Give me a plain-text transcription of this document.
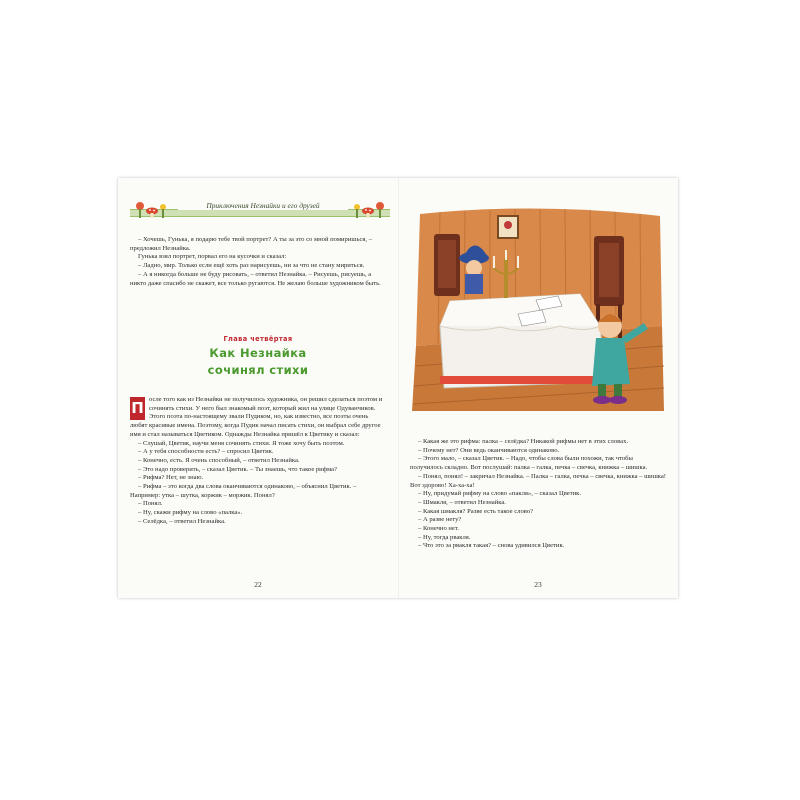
Приключения Незнайки и его друзей

– Хочешь, Гунька, я подарю тебе твой портрет? А ты за это со мной помиришься, – предложил Незнайка.

Гунька взял портрет, порвал его на кусочки и сказал:

– Ладно, мир. Только если ещё хоть раз нарисуешь, ни за что не стану мириться.

– А я никогда больше не буду рисовать, – ответил Незнайка. – Рисуешь, рисуешь, а никто даже спасибо не скажет, все только ругаются. Не желаю больше художником быть.

Глава четвёртая
Как Незнайка
сочинял стихи

П осле того как из Незнайки не получилось художника, он решил сделаться поэтом и сочинять стихи. У него был знакомый поэт, который жил на улице Одуванчиков. Этого поэта по-настоящему звали Пудиком, но, как известно, все поэты очень любят красивые имена. Поэтому, когда Пудик начал писать стихи, он выбрал себе другое имя и стал называться Цветиком. Однажды Незнайка пришёл к Цветику и сказал:

– Слушай, Цветик, научи меня сочинять стихи. Я тоже хочу быть поэтом.

– А у тебя способности есть? – спросил Цветик.

– Конечно, есть. Я очень способный, – ответил Незнайка.

– Это надо проверить, – сказал Цветик. – Ты знаешь, что такое рифма?

– Рифма? Нет, не знаю.

– Рифма – это когда два слова оканчиваются одинаково, – объяснил Цветик. – Например: утка – шутка, коржик – моржик. Понял?

– Понял.

– Ну, скажи рифму на слово «палка».

– Селёдка, – ответил Незнайка.

22

– Какая же это рифма: палка – селёдка? Никакой рифмы нет в этих словах.

– Почему нет? Они ведь оканчиваются одинаково.

– Этого мало, – сказал Цветик. – Надо, чтобы слова были похожи, так чтобы получилось складно. Вот послушай: палка – галка, печка – свечка, книжка – шишка.

– Понял, понял! – закричал Незнайка. – Палка – галка, печка – свечка, книжка – шишка! Вот здорово! Ха-ха-ха!

– Ну, придумай рифму на слово «пакля», – сказал Цветик.

– Шмакля, – ответил Незнайка.

– Какая шмакля? Разве есть такое слово?

– А разве нету?

– Конечно нет.

– Ну, тогда рвакля.

– Что это за рвакля такая? – снова удивился Цветик.

23
